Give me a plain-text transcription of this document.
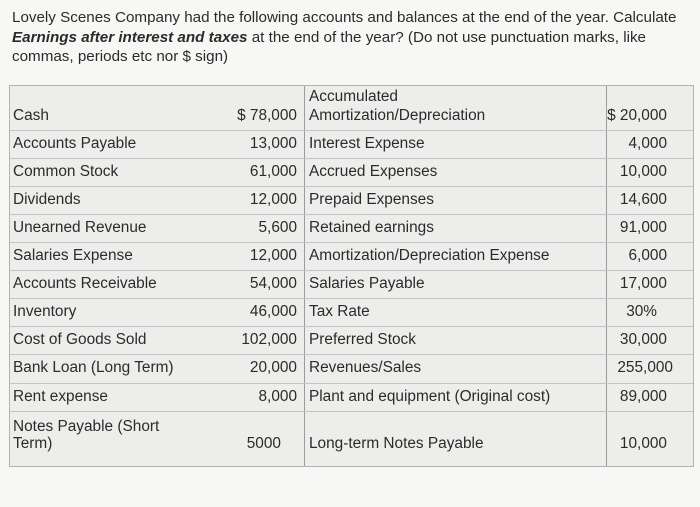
Lovely Scenes Company had the following accounts and balances at the end of the year. Calculate Earnings after interest and taxes at the end of the year? (Do not use punctuation marks, like commas, periods etc nor $ sign)
Accumulated
Cash	$ 78,000 Amortization/Depreciation	$ 20,000
Accounts Payable	13,000 Interest Expense	4,000
Common Stock	61,000 Accrued Expenses	10,000
Dividends	12,000 Prepaid Expenses	14,600
Unearned Revenue	5,600 Retained earnings	91,000
Salaries Expense	12,000 Amortization/Depreciation Expense	6,000
Accounts Receivable	54,000 Salaries Payable	17,000
Inventory	46,000 Tax Rate	30%
Cost of Goods Sold	102,000 Preferred Stock	30,000
Bank Loan (Long Term)	20,000 Revenues/Sales	255,000
Rent expense	8,000 Plant and equipment (Original cost)	89,000
Notes Payable (Short
Term)	5000 Long-term Notes Payable	10,000
